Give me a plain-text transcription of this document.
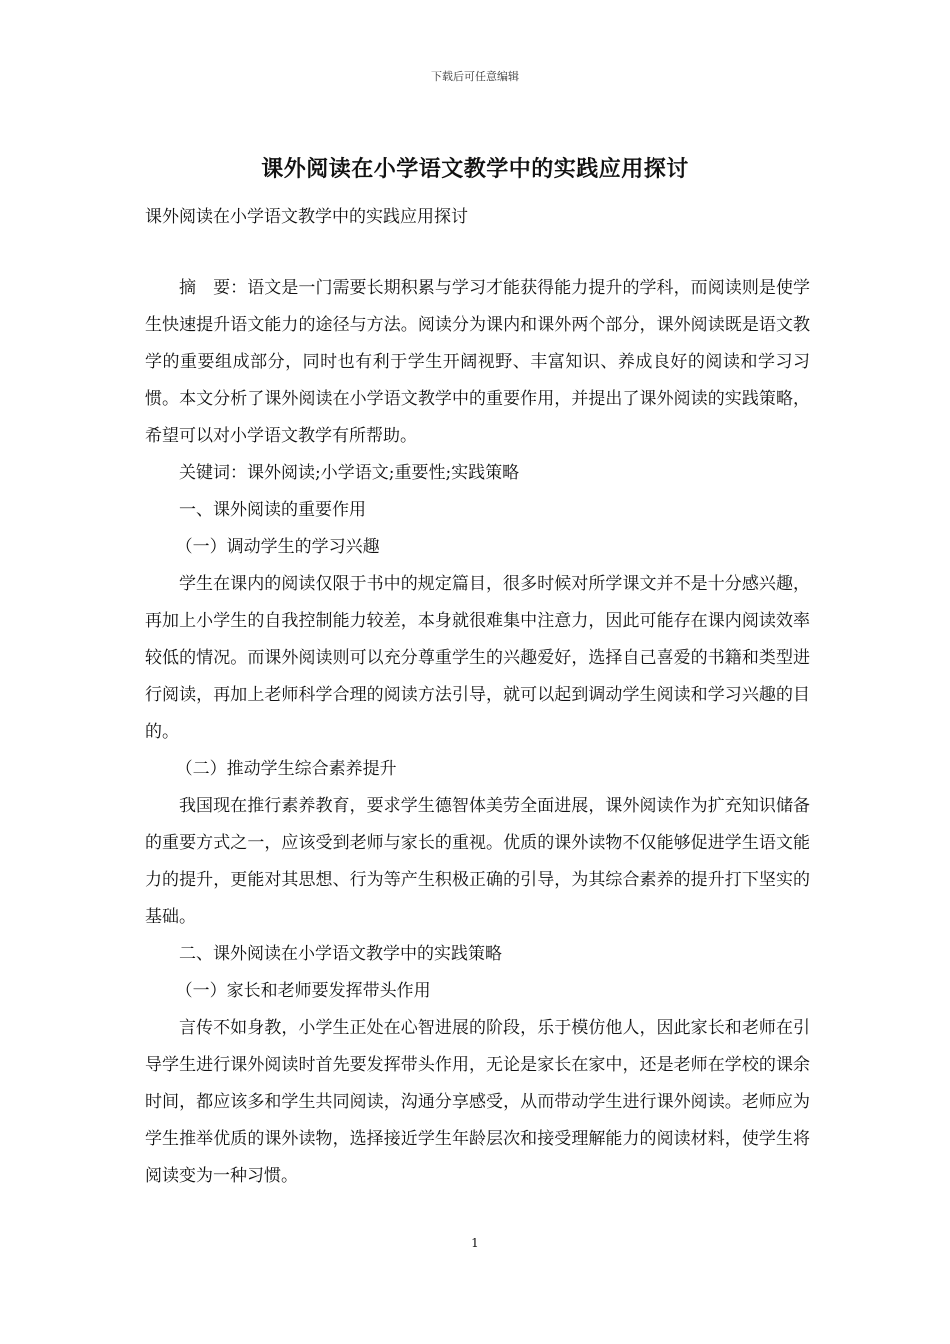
下载后可任意编辑
课外阅读在小学语文教学中的实践应用探讨
课外阅读在小学语文教学中的实践应用探讨

摘　要：语文是一门需要长期积累与学习才能获得能力提升的学科，而阅读则是使学生快速提升语文能力的途径与方法。阅读分为课内和课外两个部分，课外阅读既是语文教学的重要组成部分，同时也有利于学生开阔视野、丰富知识、养成良好的阅读和学习习惯。本文分析了课外阅读在小学语文教学中的重要作用，并提出了课外阅读的实践策略，希望可以对小学语文教学有所帮助。

关键词：课外阅读;小学语文;重要性;实践策略

一、课外阅读的重要作用

（一）调动学生的学习兴趣

学生在课内的阅读仅限于书中的规定篇目，很多时候对所学课文并不是十分感兴趣，再加上小学生的自我控制能力较差，本身就很难集中注意力，因此可能存在课内阅读效率较低的情况。而课外阅读则可以充分尊重学生的兴趣爱好，选择自己喜爱的书籍和类型进行阅读，再加上老师科学合理的阅读方法引导，就可以起到调动学生阅读和学习兴趣的目的。

（二）推动学生综合素养提升

我国现在推行素养教育，要求学生德智体美劳全面进展，课外阅读作为扩充知识储备的重要方式之一，应该受到老师与家长的重视。优质的课外读物不仅能够促进学生语文能力的提升，更能对其思想、行为等产生积极正确的引导，为其综合素养的提升打下坚实的基础。

二、课外阅读在小学语文教学中的实践策略

（一）家长和老师要发挥带头作用

言传不如身教，小学生正处在心智进展的阶段，乐于模仿他人，因此家长和老师在引导学生进行课外阅读时首先要发挥带头作用，无论是家长在家中，还是老师在学校的课余时间，都应该多和学生共同阅读，沟通分享感受，从而带动学生进行课外阅读。老师应为学生推举优质的课外读物，选择接近学生年龄层次和接受理解能力的阅读材料，使学生将阅读变为一种习惯。

1
